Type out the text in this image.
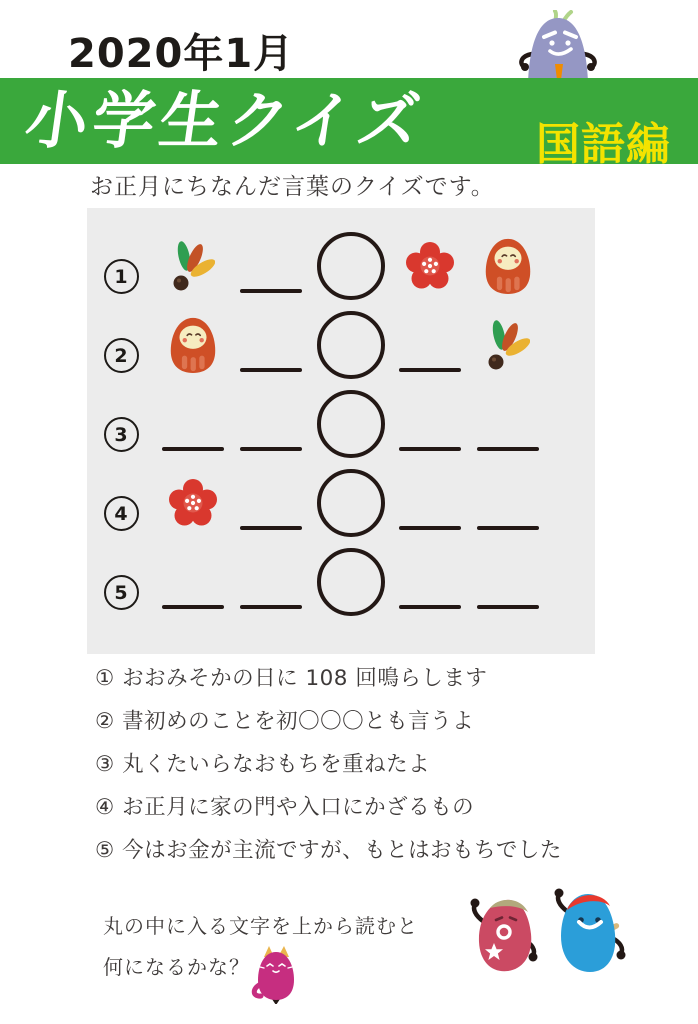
2020年1月
小学生クイズ 国語編
お正月にちなんだ言葉のクイズです。
1
2
3
4
5
① おおみそかの日に 108 回鳴らします
② 書初めのことを初〇〇〇とも言うよ
③ 丸くたいらなおもちを重ねたよ
④ お正月に家の門や入口にかざるもの
⑤ 今はお金が主流ですが、もとはおもちでした
丸の中に入る文字を上から読むと
何になるかな？
